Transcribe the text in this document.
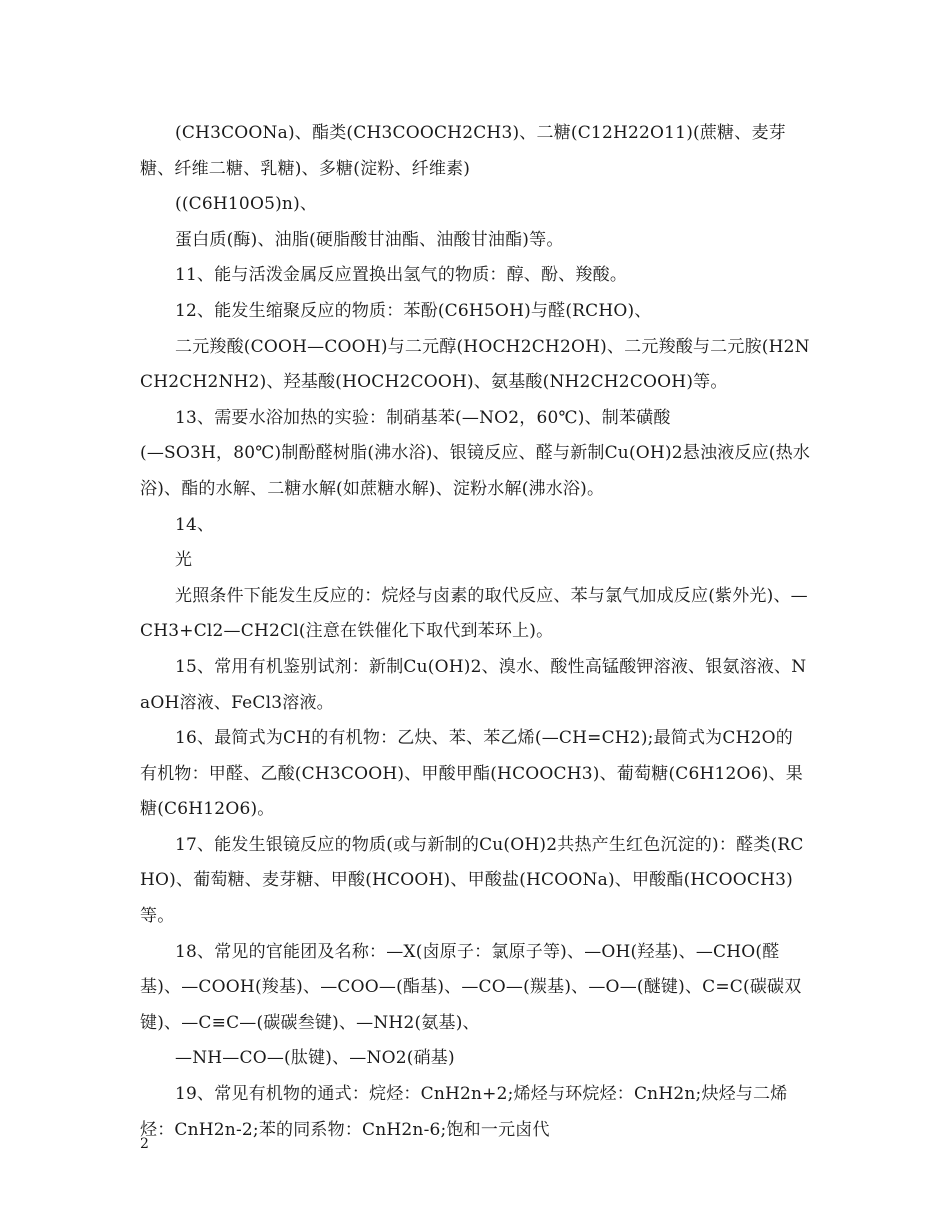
(CH3COONa)、酯类(CH3COOCH2CH3)、二糖(C12H22O11)(蔗糖、麦芽糖、纤维二糖、乳糖)、多糖(淀粉、纤维素)

((C6H10O5)n)、

蛋白质(酶)、油脂(硬脂酸甘油酯、油酸甘油酯)等。

11、能与活泼金属反应置换出氢气的物质：醇、酚、羧酸。

12、能发生缩聚反应的物质：苯酚(C6H5OH)与醛(RCHO)、

二元羧酸(COOH—COOH)与二元醇(HOCH2CH2OH)、二元羧酸与二元胺(H2NCH2CH2NH2)、羟基酸(HOCH2COOH)、氨基酸(NH2CH2COOH)等。

13、需要水浴加热的实验：制硝基苯(—NO2，60℃)、制苯磺酸

(—SO3H，80℃)制酚醛树脂(沸水浴)、银镜反应、醛与新制Cu(OH)2悬浊液反应(热水浴)、酯的水解、二糖水解(如蔗糖水解)、淀粉水解(沸水浴)。

14、

光

光照条件下能发生反应的：烷烃与卤素的取代反应、苯与氯气加成反应(紫外光)、—CH3+Cl2—CH2Cl(注意在铁催化下取代到苯环上)。

15、常用有机鉴别试剂：新制Cu(OH)2、溴水、酸性高锰酸钾溶液、银氨溶液、NaOH溶液、FeCl3溶液。

16、最简式为CH的有机物：乙炔、苯、苯乙烯(—CH=CH2);最简式为CH2O的

有机物：甲醛、乙酸(CH3COOH)、甲酸甲酯(HCOOCH3)、葡萄糖(C6H12O6)、果糖(C6H12O6)。

17、能发生银镜反应的物质(或与新制的Cu(OH)2共热产生红色沉淀的)：醛类(RCHO)、葡萄糖、麦芽糖、甲酸(HCOOH)、甲酸盐(HCOONa)、甲酸酯(HCOOCH3)等。

18、常见的官能团及名称：—X(卤原子：氯原子等)、—OH(羟基)、—CHO(醛基)、—COOH(羧基)、—COO—(酯基)、—CO—(羰基)、—O—(醚键)、C=C(碳碳双键)、—C≡C—(碳碳叁键)、—NH2(氨基)、

—NH—CO—(肽键)、—NO2(硝基)

19、常见有机物的通式：烷烃：CnH2n+2;烯烃与环烷烃：CnH2n;炔烃与二烯烃：CnH2n-2;苯的同系物：CnH2n-6;饱和一元卤代

2
